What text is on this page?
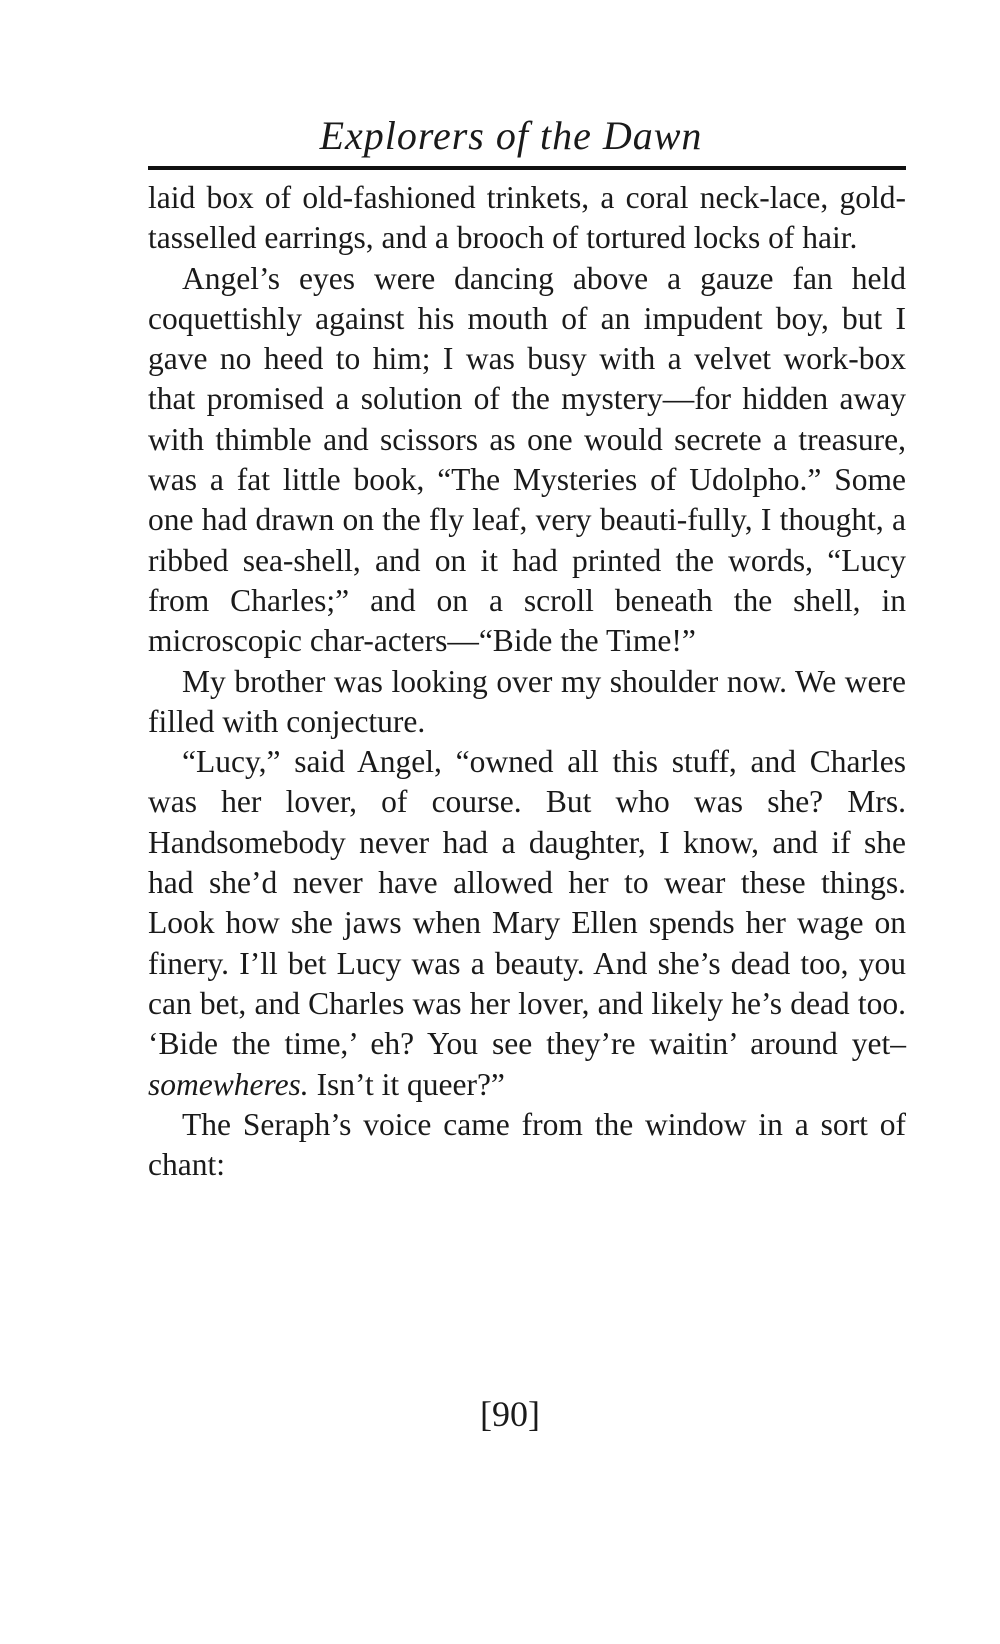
Explorers of the Dawn

laid box of old-fashioned trinkets, a coral neck-lace, gold-tasselled earrings, and a brooch of tortured locks of hair.

Angel’s eyes were dancing above a gauze fan held coquettishly against his mouth of an impudent boy, but I gave no heed to him; I was busy with a velvet work-box that promised a solution of the mystery—for hidden away with thimble and scissors as one would secrete a treasure, was a fat little book, “The Mysteries of Udolpho.” Some one had drawn on the fly leaf, very beauti-fully, I thought, a ribbed sea-shell, and on it had printed the words, “Lucy from Charles;” and on a scroll beneath the shell, in microscopic char-acters—“Bide the Time!”

My brother was looking over my shoulder now. We were filled with conjecture.

“Lucy,” said Angel, “owned all this stuff, and Charles was her lover, of course. But who was she? Mrs. Handsomebody never had a daughter, I know, and if she had she’d never have allowed her to wear these things. Look how she jaws when Mary Ellen spends her wage on finery. I’ll bet Lucy was a beauty. And she’s dead too, you can bet, and Charles was her lover, and likely he’s dead too. ‘Bide the time,’ eh? You see they’re waitin’ around yet–somewheres. Isn’t it queer?”

The Seraph’s voice came from the window in a sort of chant:

[90]
